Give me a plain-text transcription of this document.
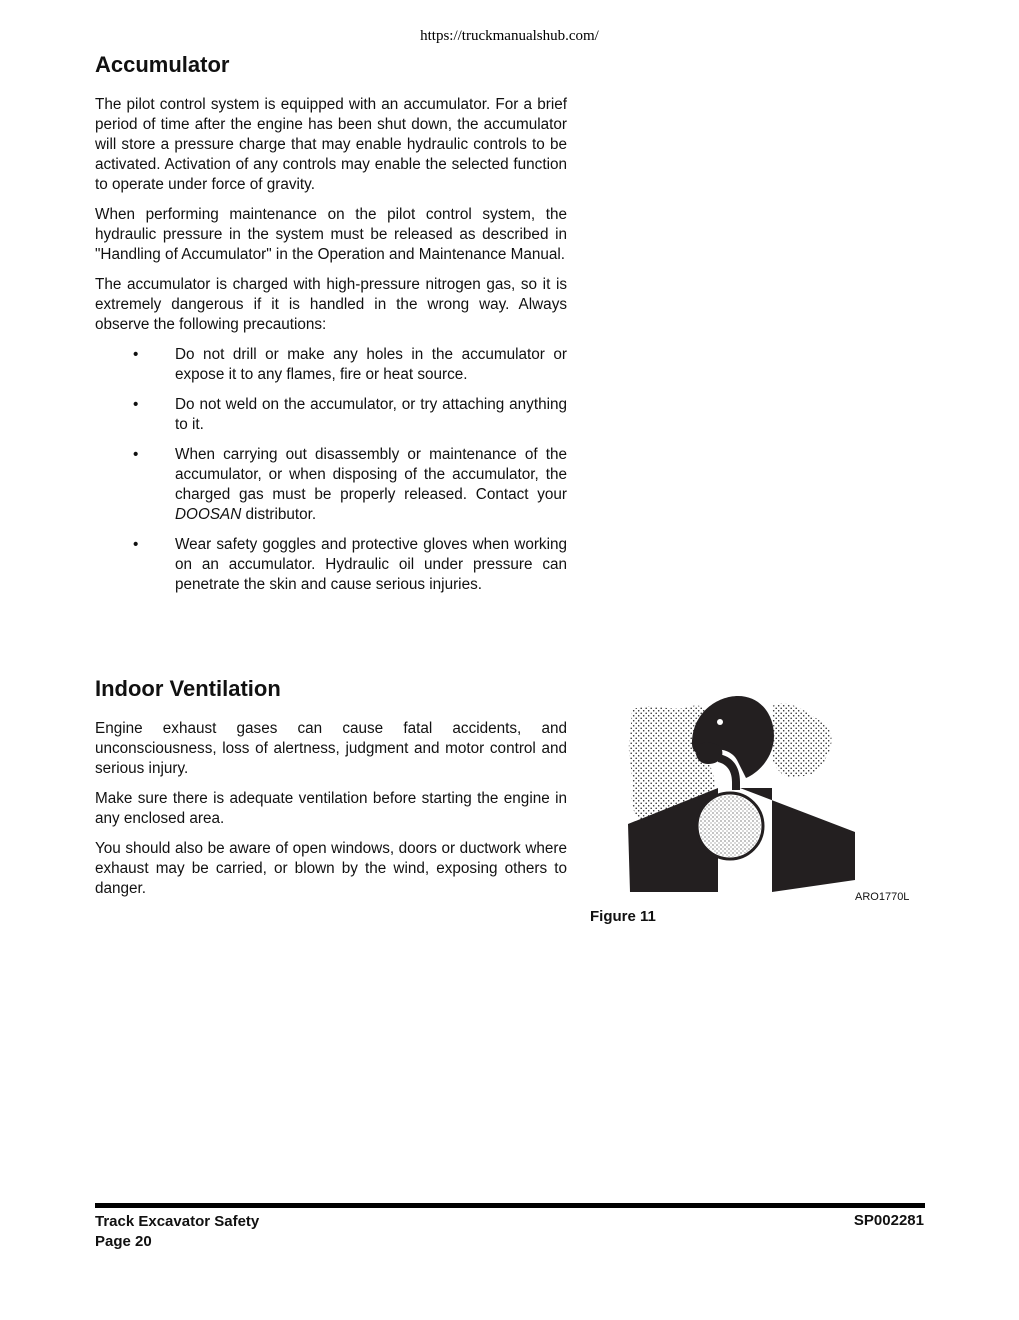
https://truckmanualshub.com/
Accumulator

The pilot control system is equipped with an accumulator. For a brief period of time after the engine has been shut down, the accumulator will store a pressure charge that may enable hydraulic controls to be activated. Activation of any controls may enable the selected function to operate under force of gravity.

When performing maintenance on the pilot control system, the hydraulic pressure in the system must be released as described in "Handling of Accumulator" in the Operation and Maintenance Manual.

The accumulator is charged with high-pressure nitrogen gas, so it is extremely dangerous if it is handled in the wrong way. Always observe the following precautions:

• Do not drill or make any holes in the accumulator or expose it to any flames, fire or heat source.
• Do not weld on the accumulator, or try attaching anything to it.
• When carrying out disassembly or maintenance of the accumulator, or when disposing of the accumulator, the charged gas must be properly released. Contact your DOOSAN distributor.
• Wear safety goggles and protective gloves when working on an accumulator. Hydraulic oil under pressure can penetrate the skin and cause serious injuries.
Indoor Ventilation

Engine exhaust gases can cause fatal accidents, and unconsciousness, loss of alertness, judgment and motor control and serious injury.

Make sure there is adequate ventilation before starting the engine in any enclosed area.

You should also be aware of open windows, doors or ductwork where exhaust may be carried, or blown by the wind, exposing others to danger.	ARO1770L
Figure 11
Track Excavator Safety
Page 20
SP002281
